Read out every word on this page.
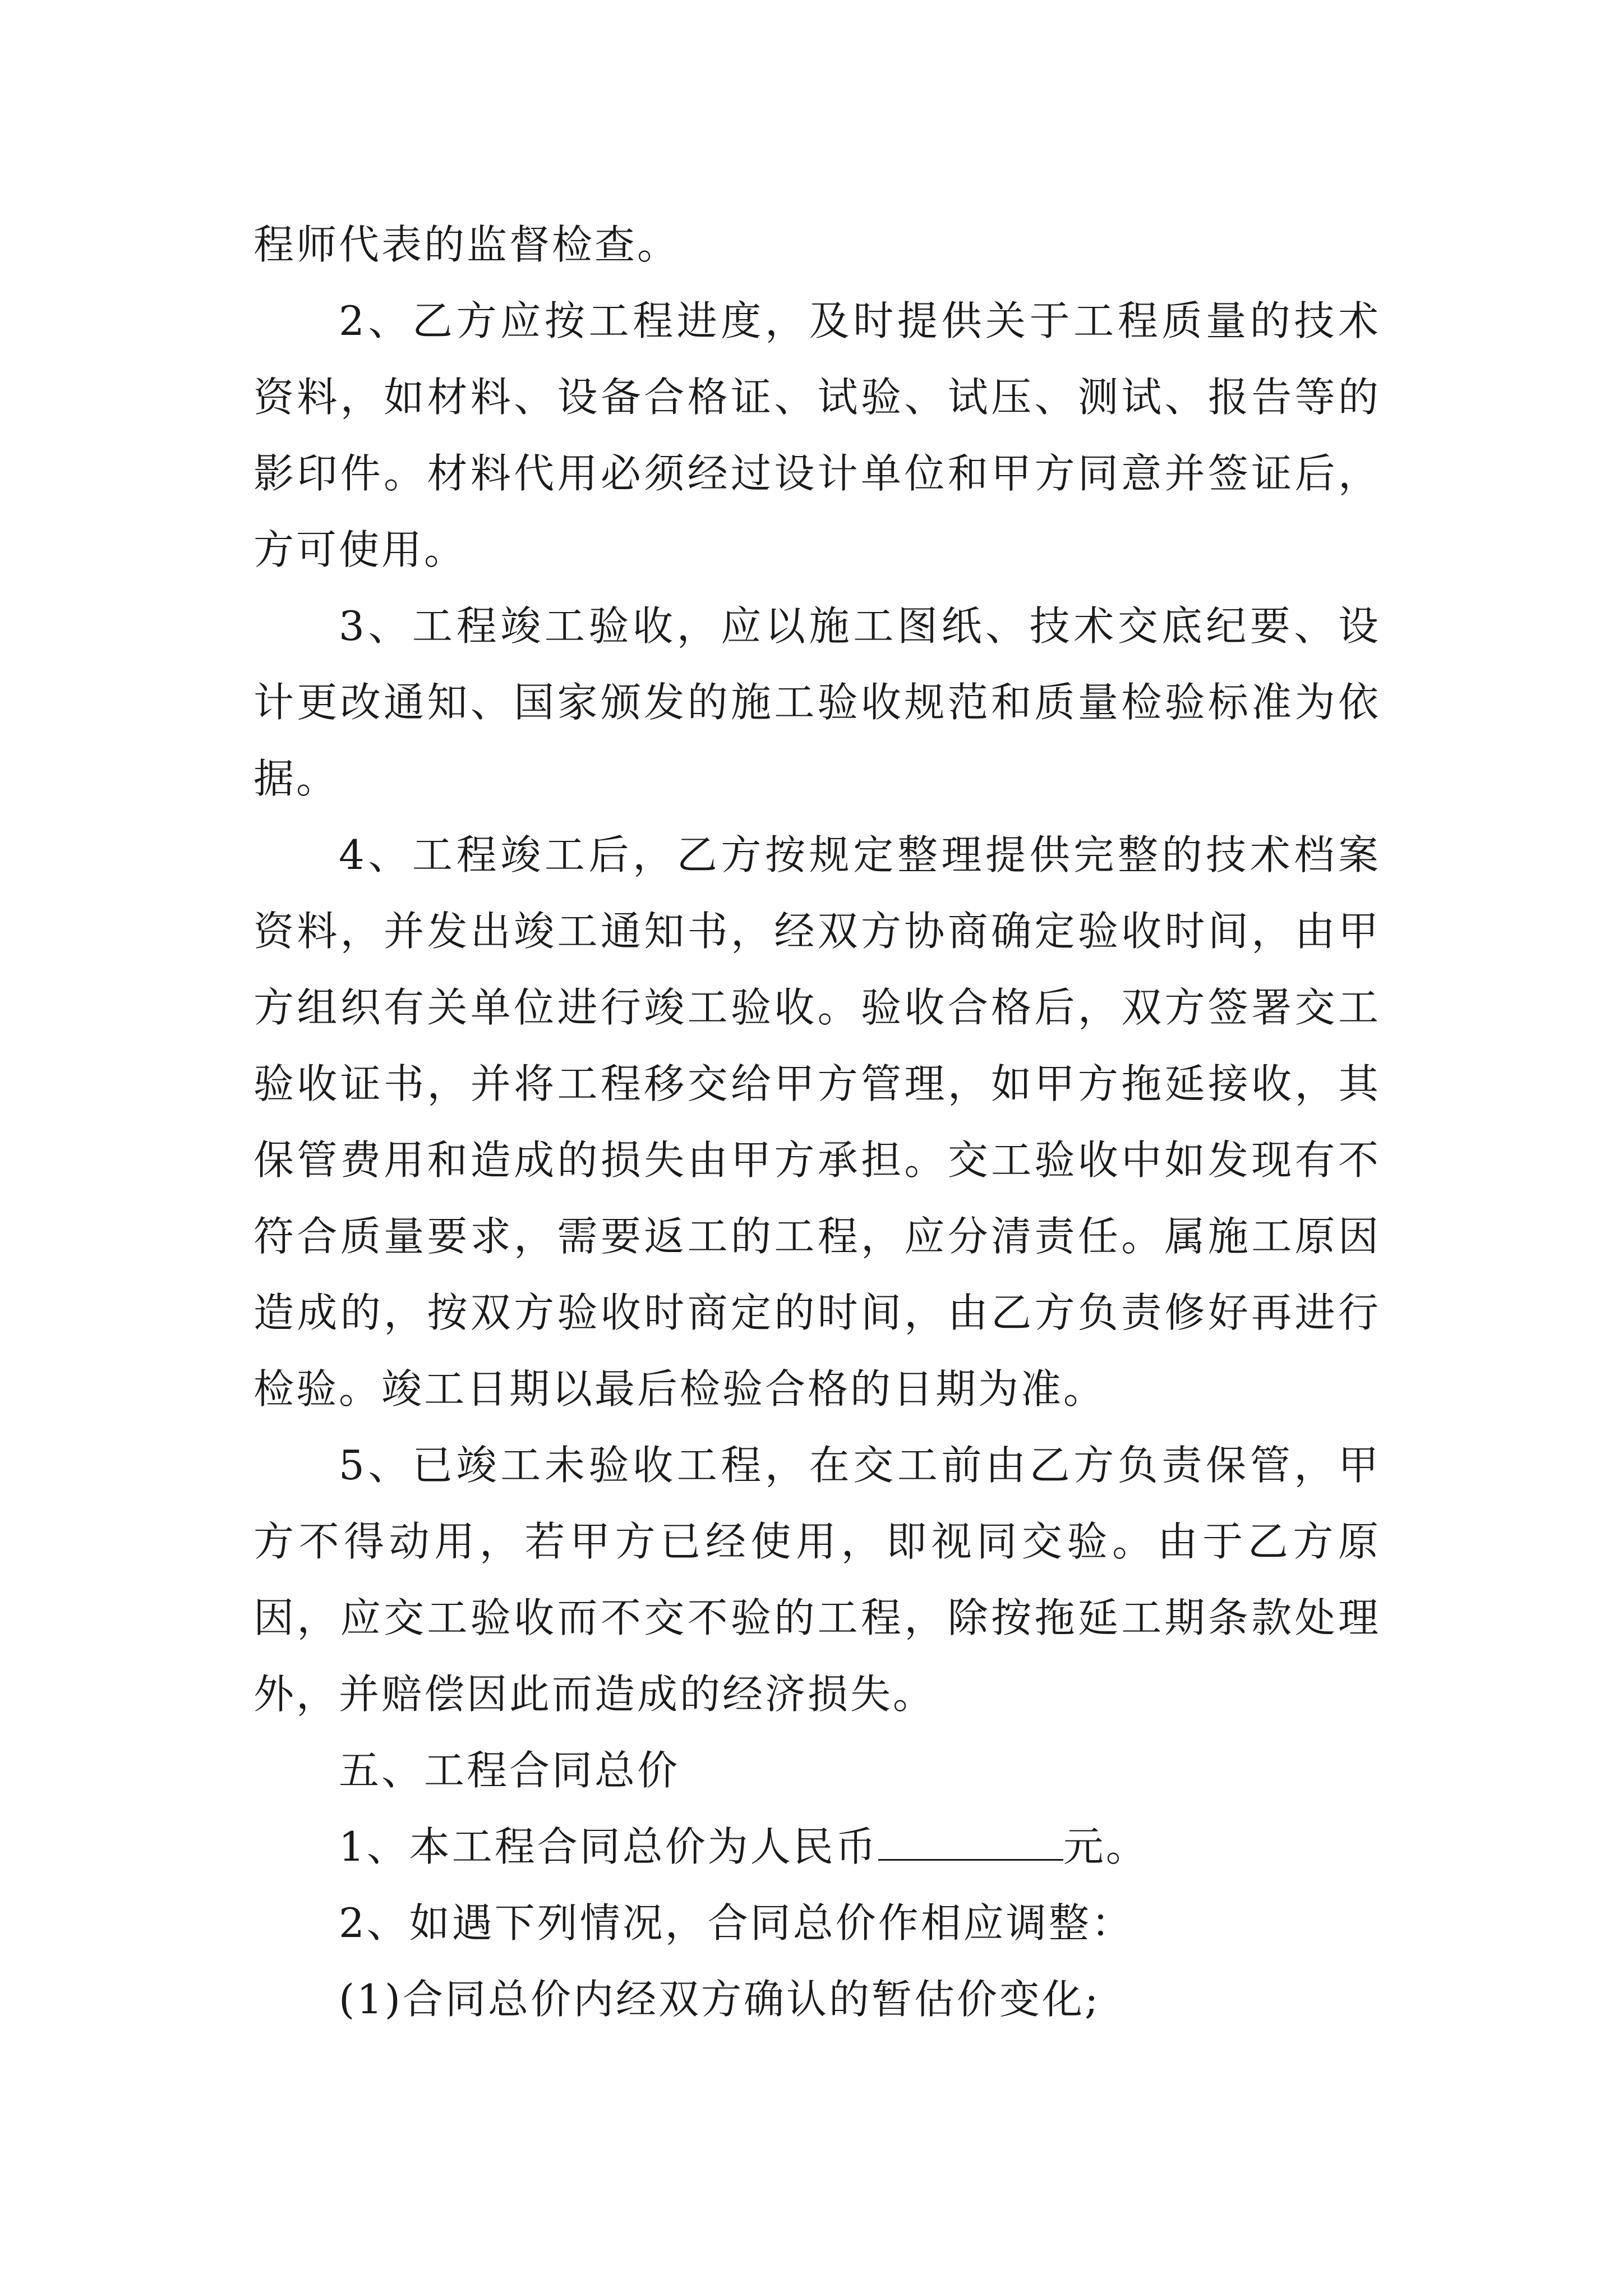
程师代表的监督检查。

2、乙方应按工程进度，及时提供关于工程质量的技术资料，如材料、设备合格证、试验、试压、测试、报告等的影印件。材料代用必须经过设计单位和甲方同意并签证后，方可使用。

3、工程竣工验收，应以施工图纸、技术交底纪要、设计更改通知、国家颁发的施工验收规范和质量检验标准为依据。

4、工程竣工后，乙方按规定整理提供完整的技术档案资料，并发出竣工通知书，经双方协商确定验收时间，由甲方组织有关单位进行竣工验收。验收合格后，双方签署交工验收证书，并将工程移交给甲方管理，如甲方拖延接收，其保管费用和造成的损失由甲方承担。交工验收中如发现有不符合质量要求，需要返工的工程，应分清责任。属施工原因造成的，按双方验收时商定的时间，由乙方负责修好再进行检验。竣工日期以最后检验合格的日期为准。

5、已竣工未验收工程，在交工前由乙方负责保管，甲方不得动用，若甲方已经使用，即视同交验。由于乙方原因，应交工验收而不交不验的工程，除按拖延工期条款处理外，并赔偿因此而造成的经济损失。

五、工程合同总价

1、本工程合同总价为人民币	元。

2、如遇下列情况，合同总价作相应调整：

(1)合同总价内经双方确认的暂估价变化;
